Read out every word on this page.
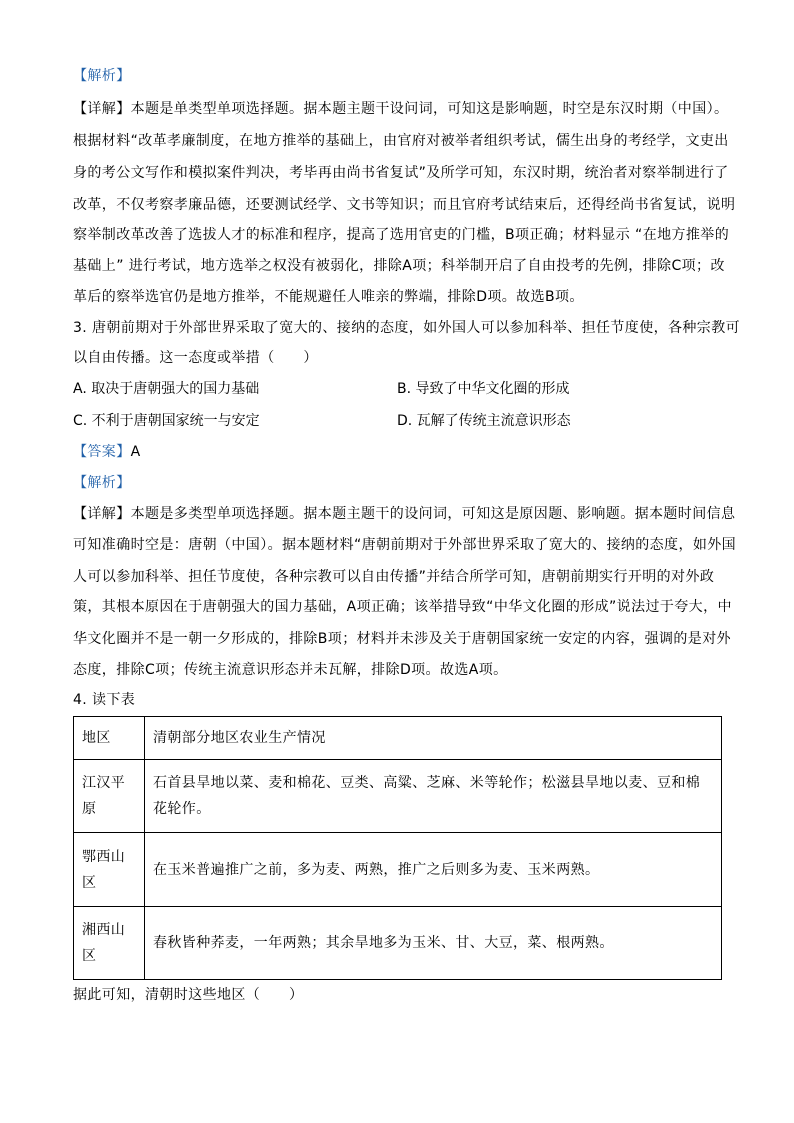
【解析】
【详解】本题是单类型单项选择题。据本题主题干设问词，可知这是影响题，时空是东汉时期（中国）。
根据材料“改革孝廉制度，在地方推举的基础上，由官府对被举者组织考试，儒生出身的考经学，文吏出
身的考公文写作和模拟案件判决，考毕再由尚书省复试”及所学可知，东汉时期，统治者对察举制进行了
改革，不仅考察孝廉品德，还要测试经学、文书等知识；而且官府考试结束后，还得经尚书省复试，说明
察举制改革改善了选拔人才的标准和程序，提高了选用官吏的门槛，B项正确；材料显示 “在地方推举的
基础上” 进行考试，地方选举之权没有被弱化，排除A项；科举制开启了自由投考的先例，排除C项；改
革后的察举选官仍是地方推举，不能规避任人唯亲的弊端，排除D项。故选B项。
3. 唐朝前期对于外部世界采取了宽大的、接纳的态度，如外国人可以参加科举、担任节度使，各种宗教可
以自由传播。这一态度或举措（　　）
A. 取决于唐朝强大的国力基础	B. 导致了中华文化圈的形成
C. 不利于唐朝国家统一与安定	D. 瓦解了传统主流意识形态
【答案】A
【解析】
【详解】本题是多类型单项选择题。据本题主题干的设问词，可知这是原因题、影响题。据本题时间信息
可知准确时空是：唐朝（中国）。据本题材料“唐朝前期对于外部世界采取了宽大的、接纳的态度，如外国
人可以参加科举、担任节度使，各种宗教可以自由传播”并结合所学可知，唐朝前期实行开明的对外政
策，其根本原因在于唐朝强大的国力基础，A项正确；该举措导致“中华文化圈的形成”说法过于夸大，中
华文化圈并不是一朝一夕形成的，排除B项；材料并未涉及关于唐朝国家统一安定的内容，强调的是对外
态度，排除C项；传统主流意识形态并未瓦解，排除D项。故选A项。
4. 读下表
地区	清朝部分地区农业生产情况
江汉平
原	石首县旱地以菜、麦和棉花、豆类、高粱、芝麻、米等轮作；松滋县旱地以麦、豆和棉花轮作。
鄂西山
区	在玉米普遍推广之前，多为麦、两熟，推广之后则多为麦、玉米两熟。
湘西山
区	春秋皆种荞麦，一年两熟；其余旱地多为玉米、甘、大豆，菜、根两熟。
据此可知，清朝时这些地区（　　）
